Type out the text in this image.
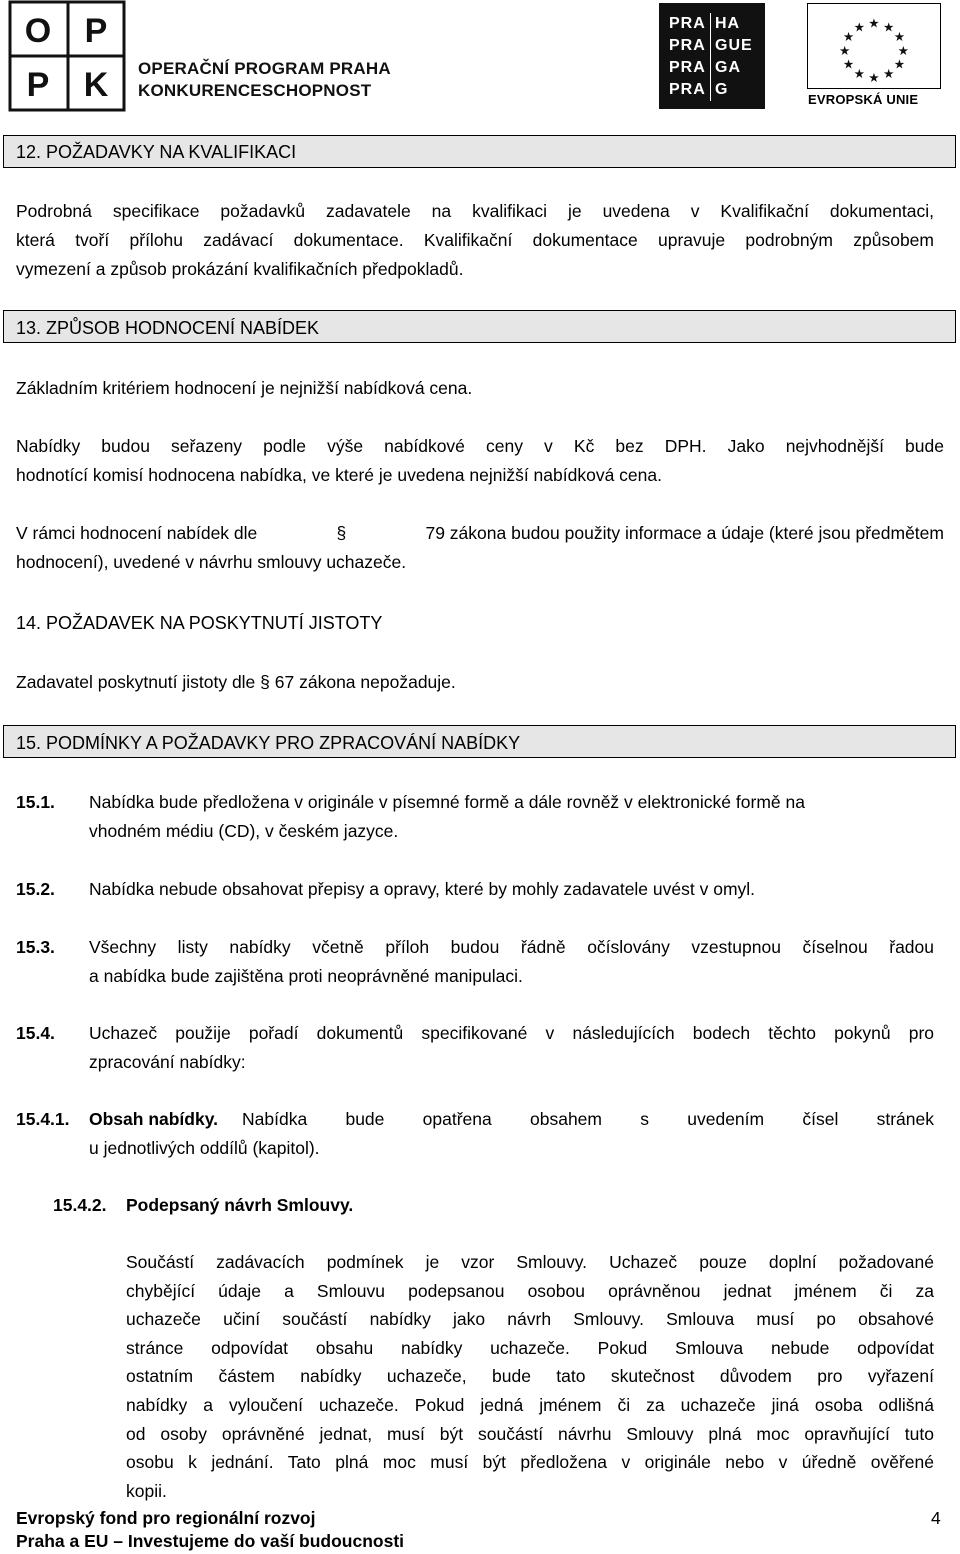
O P
P K OPERAČNÍ PROGRAM PRAHA
KONKURENCESCHOPNOST
PRA
PRA
PRA
PRA
HA
GUE
GA
G
★ ★
★
★
★
★
★
★
★
★
★
★
EVROPSKÁ UNIE
12. POŽADAVKY NA KVALIFIKACI
Podrobná specifikace požadavků zadavatele na kvalifikaci je uvedena v Kvalifikační dokumentaci,
která tvoří přílohu zadávací dokumentace. Kvalifikační dokumentace upravuje podrobným způsobem
vymezení a způsob prokázání kvalifikačních předpokladů.
13. ZPŮSOB HODNOCENÍ NABÍDEK
Základním kritériem hodnocení je nejnižší nabídková cena.
Nabídky budou seřazeny podle výše nabídkové ceny v Kč bez DPH. Jako nejvhodnější bude
hodnotící komisí hodnocena nabídka, ve které je uvedena nejnižší nabídková cena.
V rámci hodnocení nabídek dle	§	79 zákona budou použity informace a údaje (které jsou předmětem
hodnocení), uvedené v návrhu smlouvy uchazeče.
14. POŽADAVEK NA POSKYTNUTÍ JISTOTY
Zadavatel poskytnutí jistoty dle § 67 zákona nepožaduje.
15. PODMÍNKY A POŽADAVKY PRO ZPRACOVÁNÍ NABÍDKY
15.1. Nabídka bude předložena v originále v písemné formě a dále rovněž v elektronické formě na
vhodném médiu (CD), v českém jazyce.
15.2. Nabídka nebude obsahovat přepisy a opravy, které by mohly zadavatele uvést v omyl.
15.3. Všechny listy nabídky včetně příloh budou řádně očíslovány vzestupnou číselnou řadou
a nabídka bude zajištěna proti neoprávněné manipulaci.
15.4. Uchazeč použije pořadí dokumentů specifikované v následujících bodech těchto pokynů pro
zpracování nabídky:
15.4.1. Obsah nabídky. Nabídka bude opatřena obsahem s uvedením čísel stránek
u jednotlivých oddílů (kapitol).
15.4.2. Podepsaný návrh Smlouvy.
Součástí zadávacích podmínek je vzor Smlouvy. Uchazeč pouze doplní požadované
chybějící údaje a Smlouvu podepsanou osobou oprávněnou jednat jménem či za
uchazeče učiní součástí nabídky jako návrh Smlouvy. Smlouva musí po obsahové
stránce odpovídat obsahu nabídky uchazeče. Pokud Smlouva nebude odpovídat
ostatním částem nabídky uchazeče, bude tato skutečnost důvodem pro vyřazení
nabídky a vyloučení uchazeče. Pokud jedná jménem či za uchazeče jiná osoba odlišná
od osoby oprávněné jednat, musí být součástí návrhu Smlouvy plná moc opravňující tuto
osobu k jednání. Tato plná moc musí být předložena v originále nebo v úředně ověřené
kopii.
Evropský fond pro regionální rozvoj
Praha a EU – Investujeme do vaší budoucnosti
4
